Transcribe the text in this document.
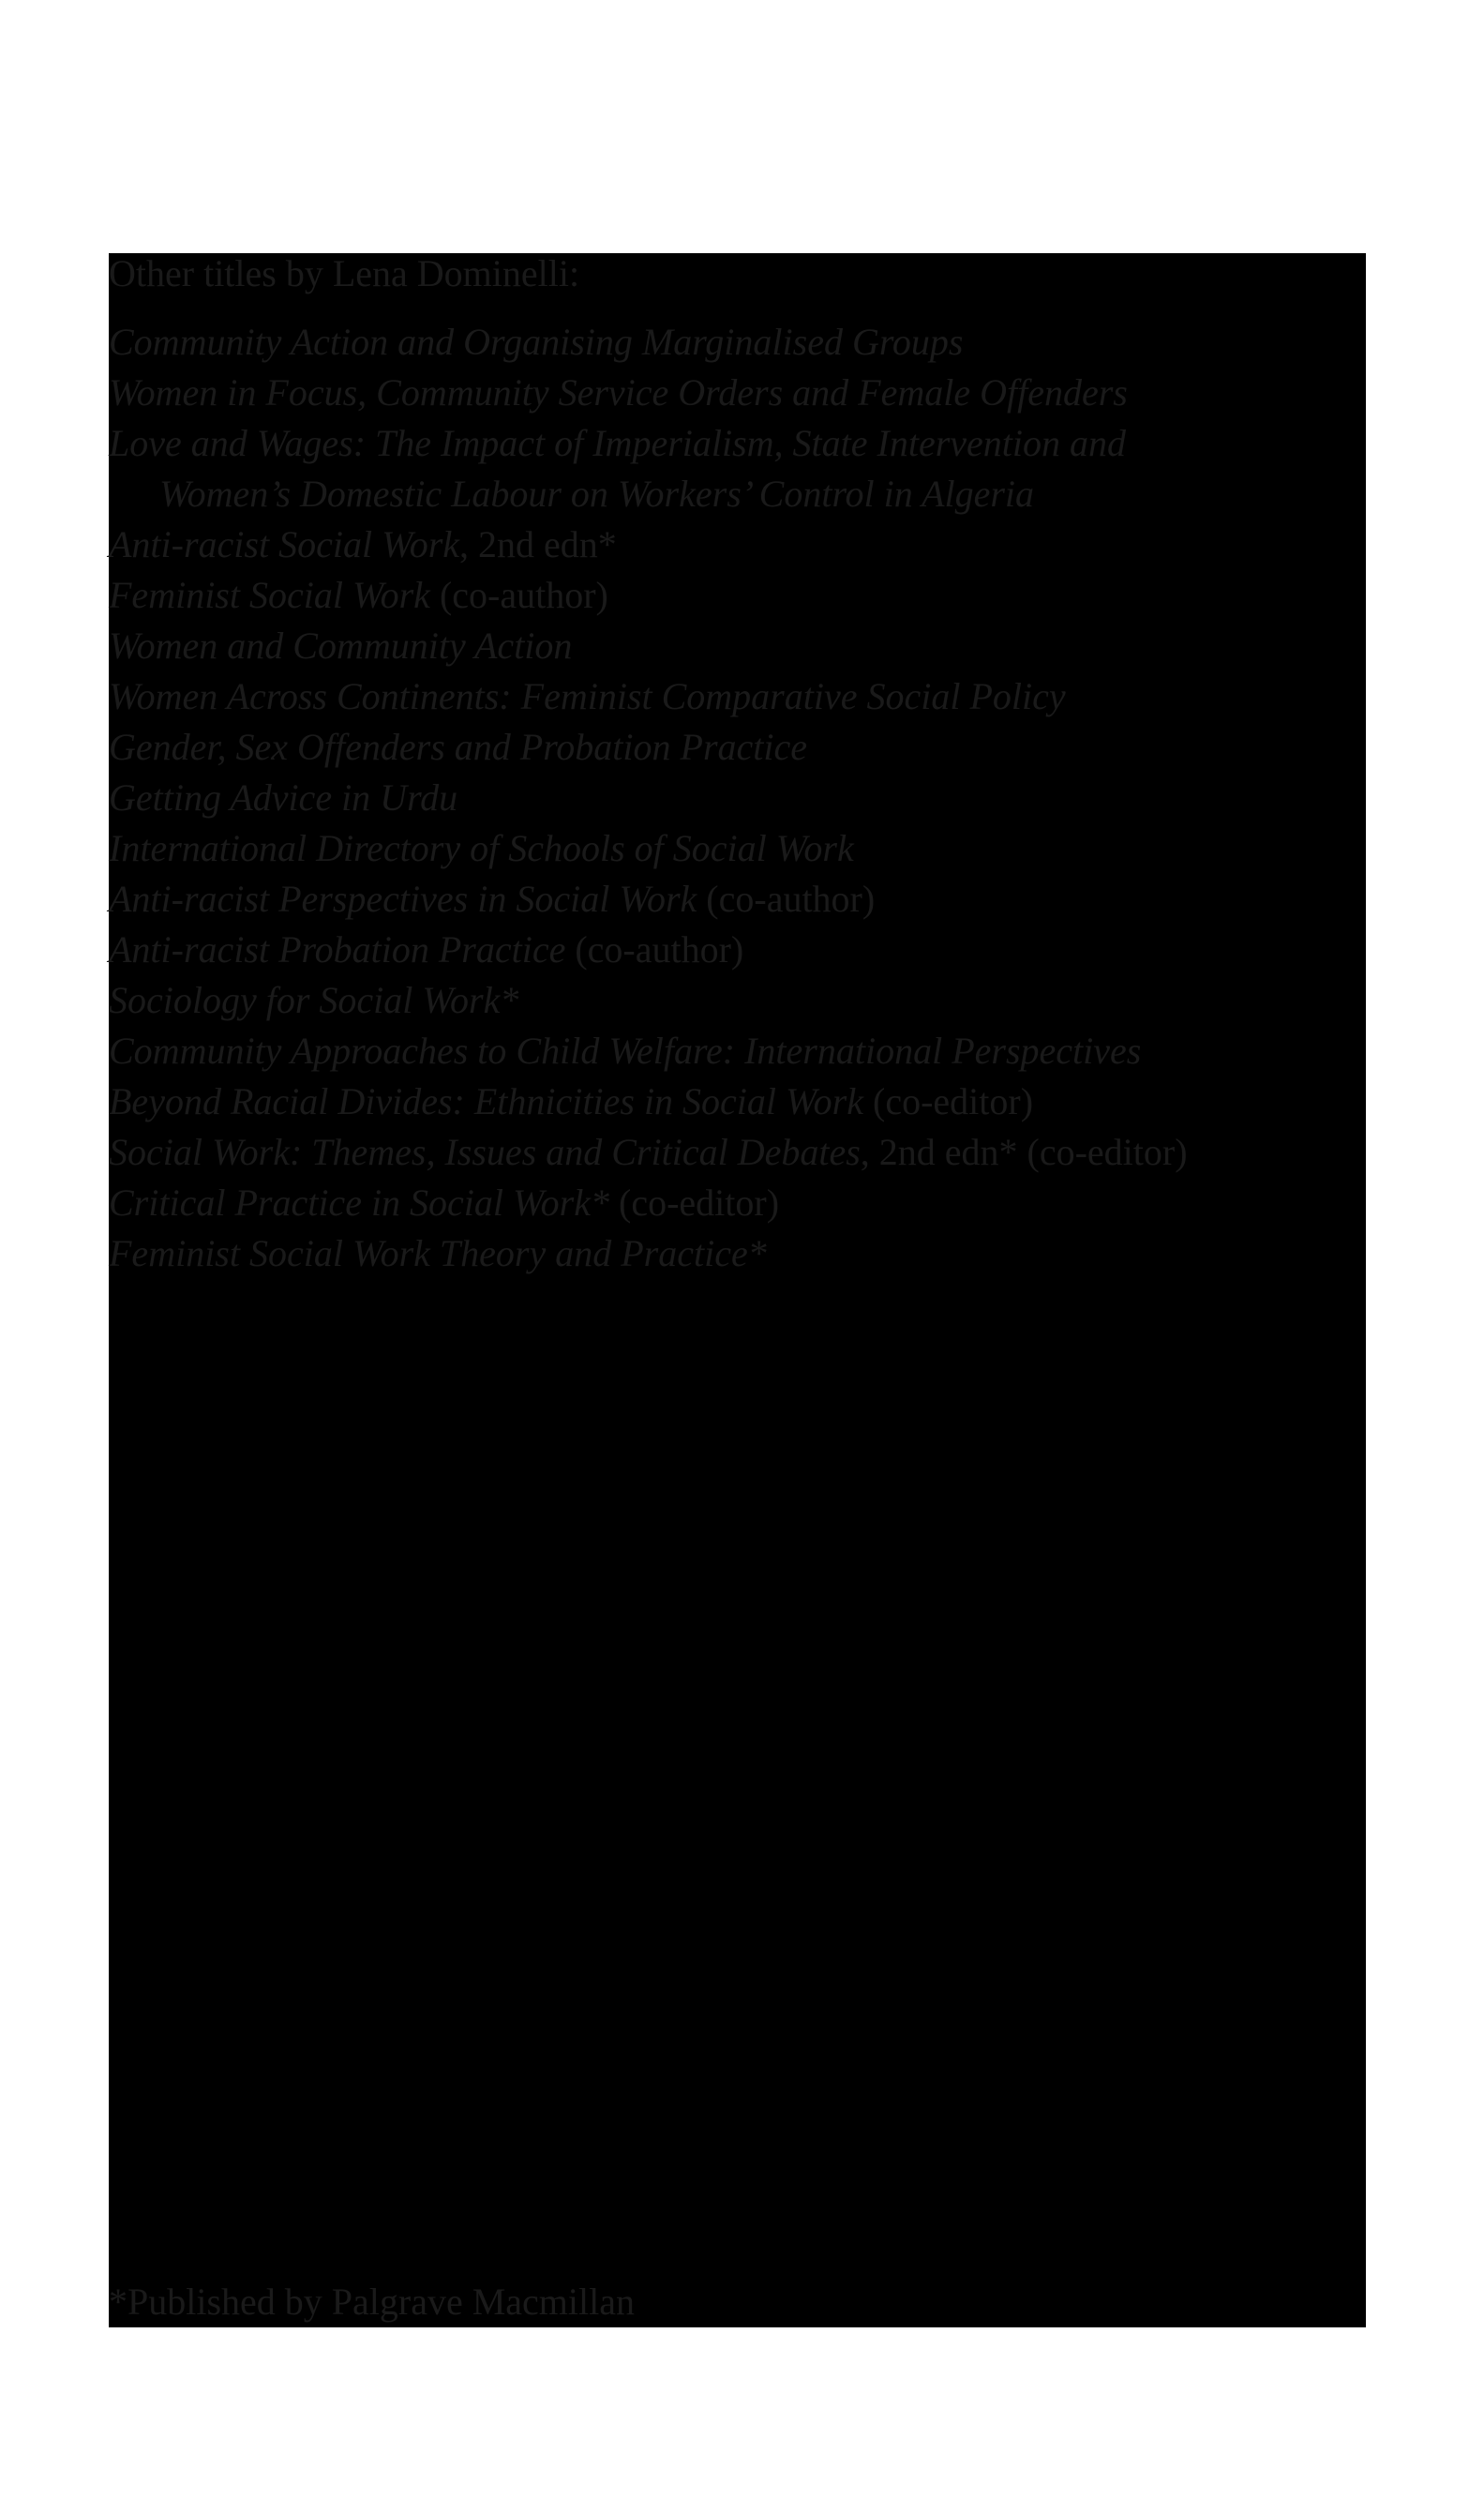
Other titles by Lena Dominelli:
Community Action and Organising Marginalised Groups
Women in Focus, Community Service Orders and Female Offenders
Love and Wages: The Impact of Imperialism, State Intervention and
Women’s Domestic Labour on Workers’ Control in Algeria
Anti-racist Social Work, 2nd edn*
Feminist Social Work (co-author)
Women and Community Action
Women Across Continents: Feminist Comparative Social Policy
Gender, Sex Offenders and Probation Practice
Getting Advice in Urdu
International Directory of Schools of Social Work
Anti-racist Perspectives in Social Work (co-author)
Anti-racist Probation Practice (co-author)
Sociology for Social Work*
Community Approaches to Child Welfare: International Perspectives
Beyond Racial Divides: Ethnicities in Social Work (co-editor)
Social Work: Themes, Issues and Critical Debates, 2nd edn* (co-editor)
Critical Practice in Social Work* (co-editor)
Feminist Social Work Theory and Practice*
*Published by Palgrave Macmillan
